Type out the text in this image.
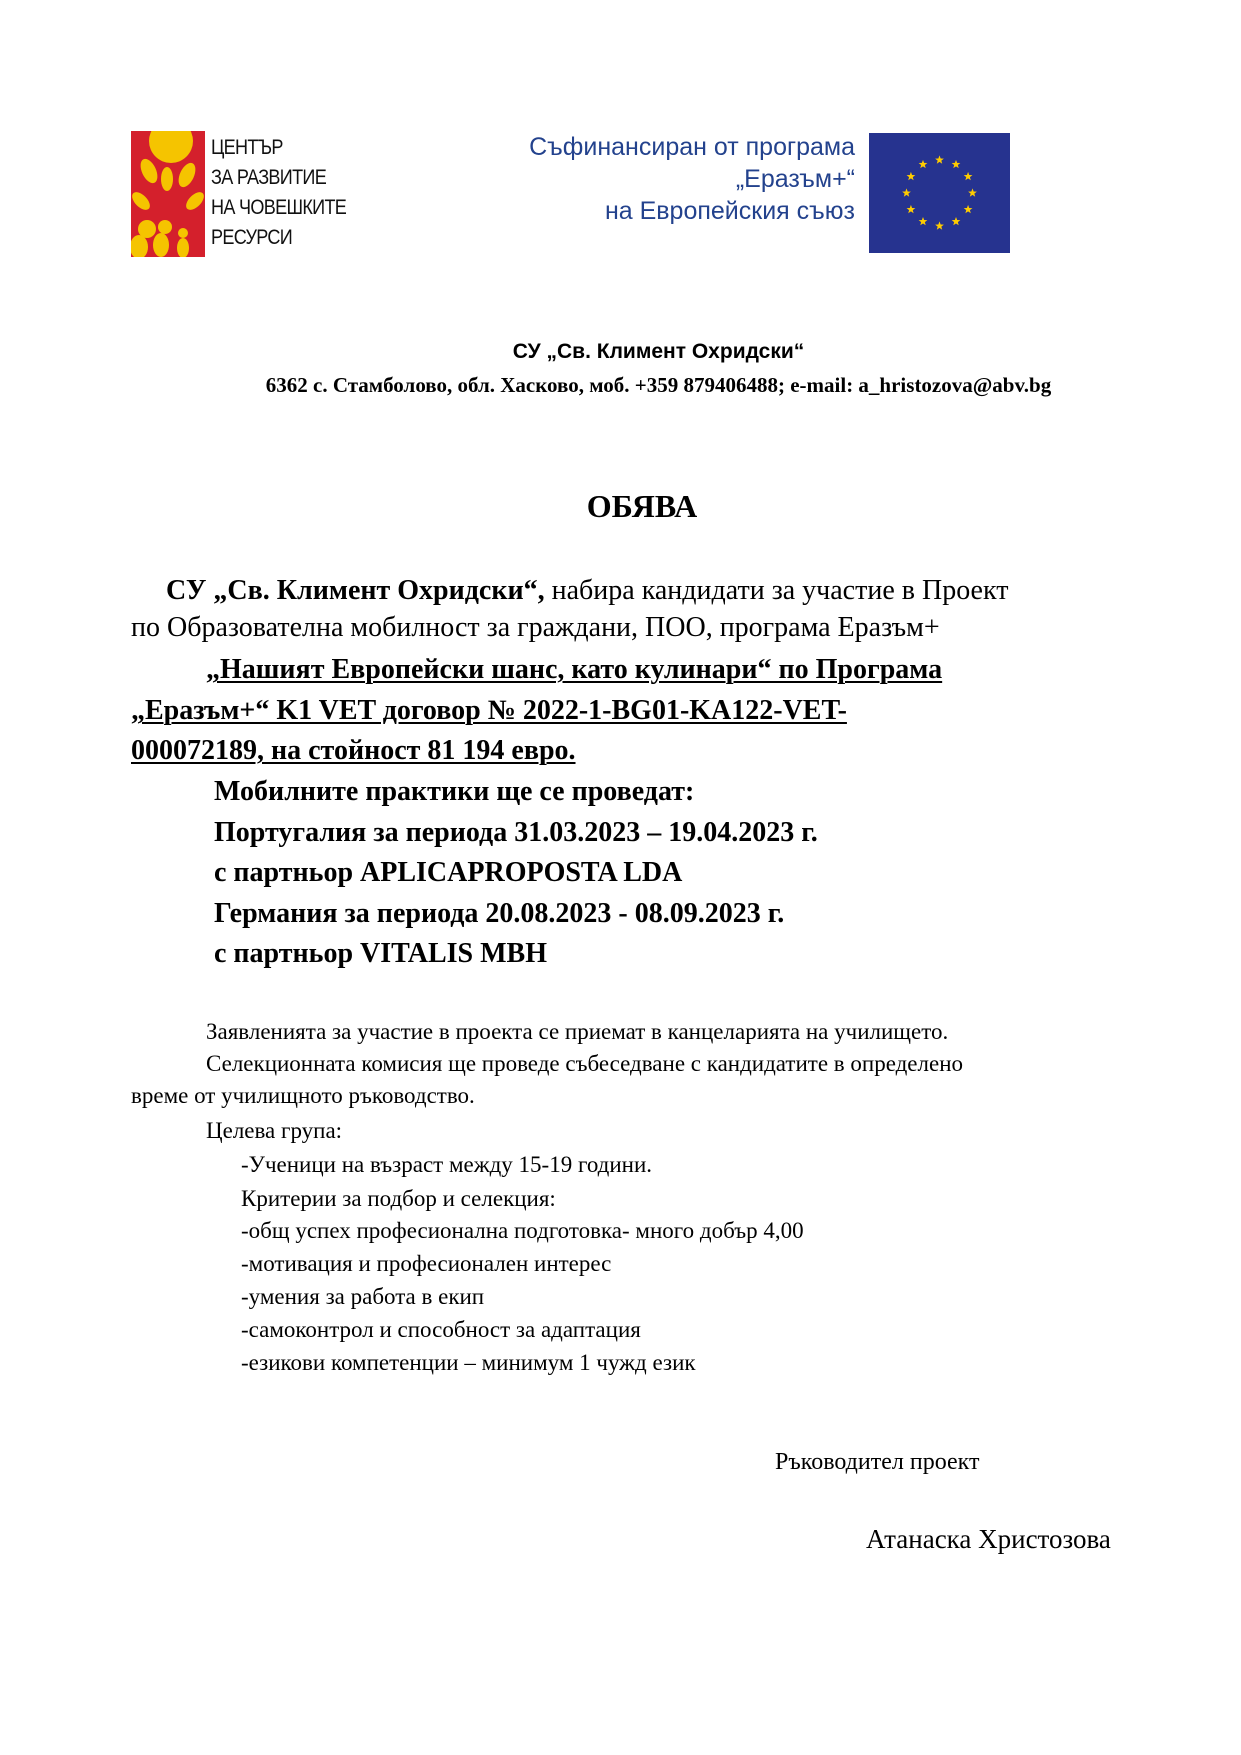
ЦЕНТЪР
ЗА РАЗВИТИЕ
НА ЧОВЕШКИТЕ
РЕСУРСИ
Съфинансиран от програма
„Еразъм+“
на Европейския съюз
СУ „Св. Климент Охридски“
6362 с. Стамболово, обл. Хасково, моб. +359 879406488; e-mail: a_hristozova@abv.bg
ОБЯВА
СУ „Св. Климент Охридски“, набира кандидати за участие в Проект
по Образователна мобилност за граждани, ПОО, програма Еразъм+
„Нашият Европейски шанс, като кулинари“ по Програма
„Еразъм+“ K1 VET договор № 2022-1-BG01-KA122-VET-
000072189, на стойност 81 194 евро.
Мобилните практики ще се проведат:
Португалия за периода 31.03.2023 – 19.04.2023 г.
с партньор APLICAPROPOSTA LDA
Германия за периода 20.08.2023 - 08.09.2023 г.
с партньор VITALIS MBH
Заявленията за участие в проекта се приемат в канцеларията на училището.
Селекционната комисия ще проведе събеседване с кандидатите в определено
време от училищното ръководство.
Целева група:
-Ученици на възраст между 15-19 години.
Критерии за подбор и селекция:
-общ успех професионална подготовка- много добър 4,00
-мотивация и професионален интерес
-умения за работа в екип
-самоконтрол и способност за адаптация
-езикови компетенции – минимум 1 чужд език
Ръководител проект
Атанаска Христозова
